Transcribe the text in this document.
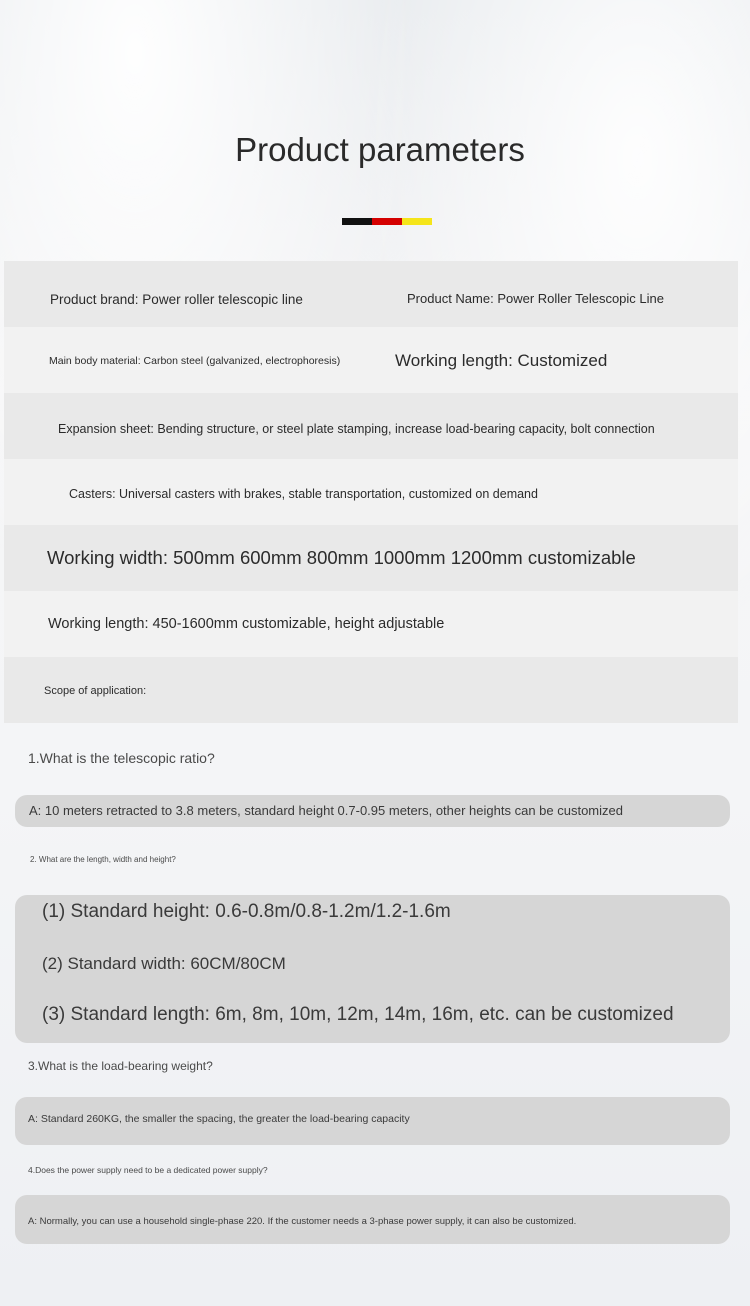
Product parameters
Product brand: Power roller telescopic line	Product Name: Power Roller Telescopic Line
Main body material: Carbon steel (galvanized, electrophoresis)	Working length: Customized
Expansion sheet: Bending structure, or steel plate stamping, increase load-bearing capacity, bolt connection
Casters: Universal casters with brakes, stable transportation, customized on demand
Working width: 500mm 600mm 800mm 1000mm 1200mm customizable
Working length: 450-1600mm customizable, height adjustable
Scope of application:
1.What is the telescopic ratio?
A: 10 meters retracted to 3.8 meters, standard height 0.7-0.95 meters, other heights can be customized
2. What are the length, width and height?
(1) Standard height: 0.6-0.8m/0.8-1.2m/1.2-1.6m
(2) Standard width: 60CM/80CM
(3) Standard length: 6m, 8m, 10m, 12m, 14m, 16m, etc. can be customized
3.What is the load-bearing weight?
A: Standard 260KG, the smaller the spacing, the greater the load-bearing capacity
4.Does the power supply need to be a dedicated power supply?
A: Normally, you can use a household single-phase 220. If the customer needs a 3-phase power supply, it can also be customized.
